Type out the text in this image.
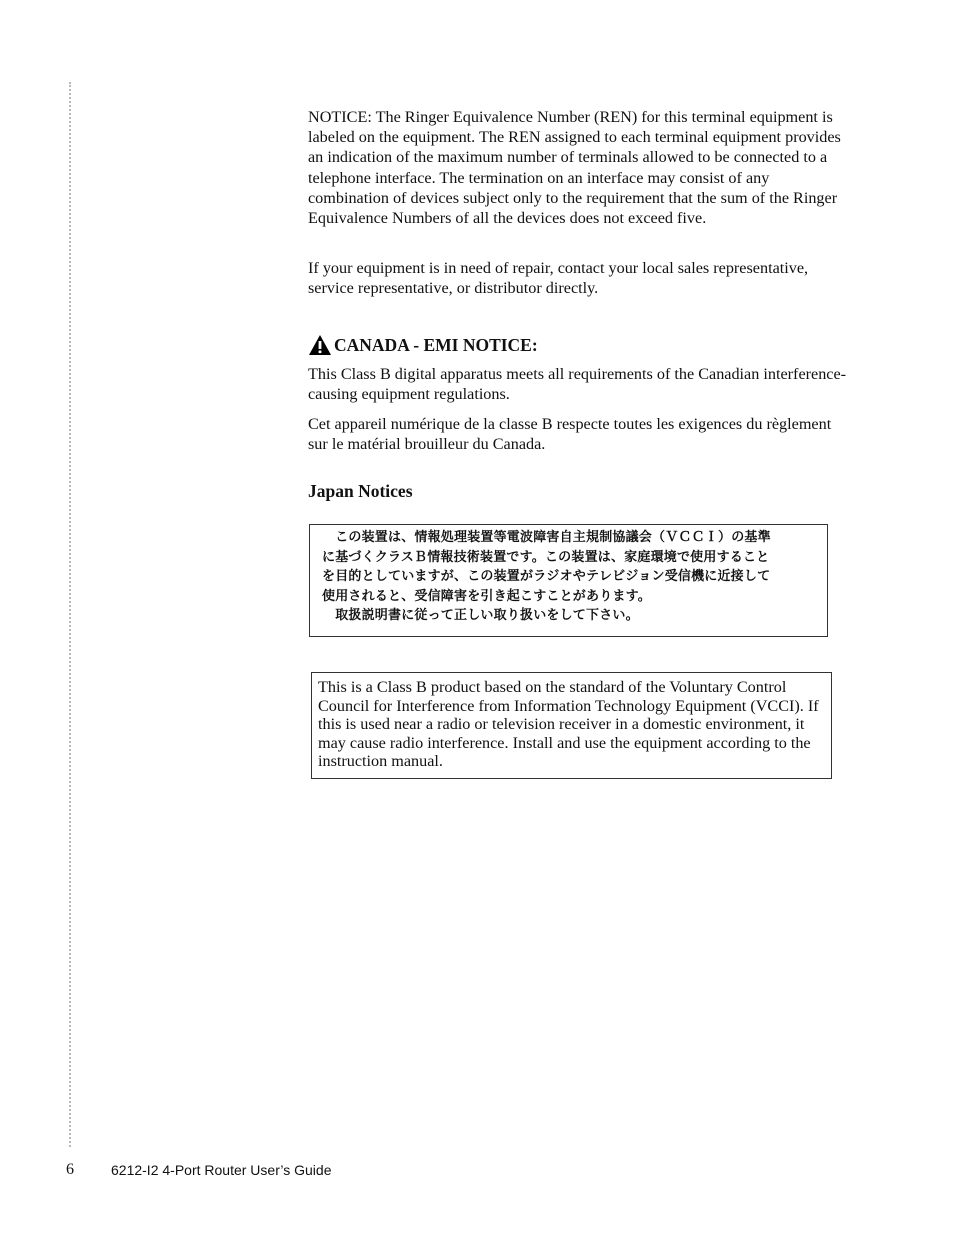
NOTICE: The Ringer Equivalence Number (REN) for this terminal equipment is labeled on the equipment. The REN assigned to each terminal equipment provides an indication of the maximum number of terminals allowed to be connected to a telephone interface. The termination on an interface may consist of any combination of devices subject only to the requirement that the sum of the Ringer Equivalence Numbers of all the devices does not exceed five.

If your equipment is in need of repair, contact your local sales representative, service representative, or distributor directly.

CANADA - EMI NOTICE:

This Class B digital apparatus meets all requirements of the Canadian interference-causing equipment regulations.

Cet appareil numérique de la classe B respecte toutes les exigences du règlement sur le matérial brouilleur du Canada.

Japan Notices

　この装置は、情報処理装置等電波障害自主規制協議会（ＶＣＣＩ）の基準
に基づくクラスＢ情報技術装置です。この装置は、家庭環境で使用すること
を目的としていますが、この装置がラジオやテレビジョン受信機に近接して
使用されると、受信障害を引き起こすことがあります。
　取扱説明書に従って正しい取り扱いをして下さい。

This is a Class B product based on the standard of the Voluntary Control Council for Interference from Information Technology Equipment (VCCI). If this is used near a radio or television receiver in a domestic environment, it may cause radio interference. Install and use the equipment according to the instruction manual.

6	6212-I2 4-Port Router User’s Guide
